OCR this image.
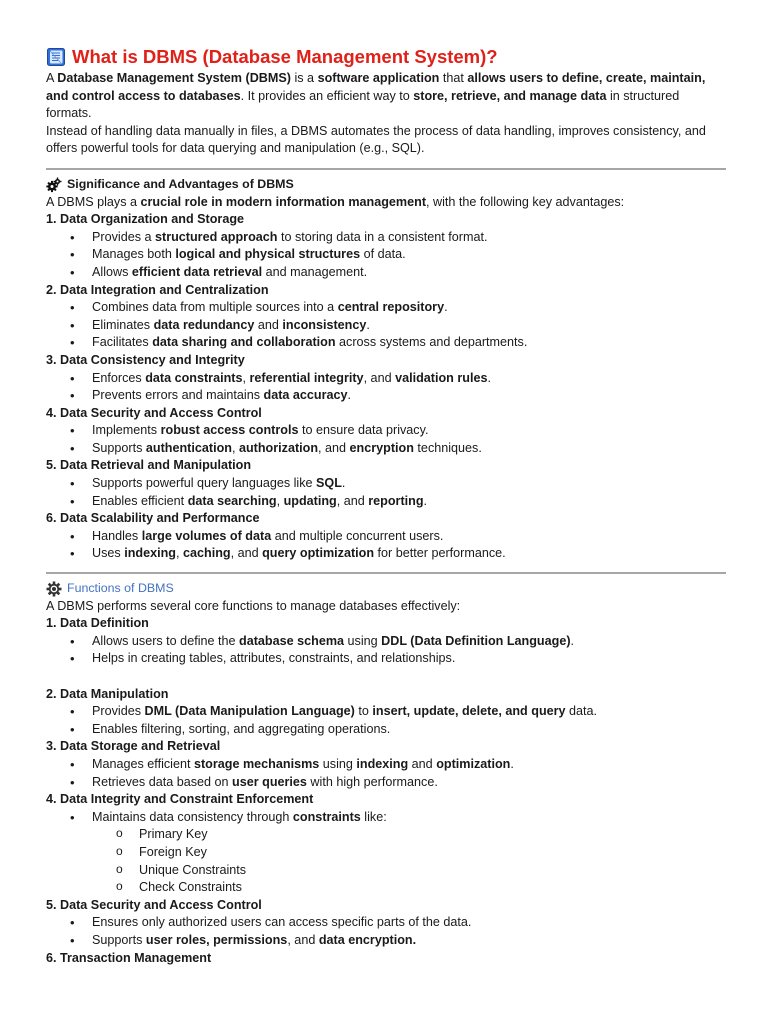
What is DBMS (Database Management System)?

A Database Management System (DBMS) is a software application that allows users to define, create, maintain, and control access to databases. It provides an efficient way to store, retrieve, and manage data in structured formats.

Instead of handling data manually in files, a DBMS automates the process of data handling, improves consistency, and offers powerful tools for data querying and manipulation (e.g., SQL).

Significance and Advantages of DBMS

A DBMS plays a crucial role in modern information management, with the following key advantages:

1. Data Organization and Storage
• Provides a structured approach to storing data in a consistent format.
• Manages both logical and physical structures of data.
• Allows efficient data retrieval and management.
2. Data Integration and Centralization
• Combines data from multiple sources into a central repository.
• Eliminates data redundancy and inconsistency.
• Facilitates data sharing and collaboration across systems and departments.
3. Data Consistency and Integrity
• Enforces data constraints, referential integrity, and validation rules.
• Prevents errors and maintains data accuracy.
4. Data Security and Access Control
• Implements robust access controls to ensure data privacy.
• Supports authentication, authorization, and encryption techniques.
5. Data Retrieval and Manipulation
• Supports powerful query languages like SQL.
• Enables efficient data searching, updating, and reporting.
6. Data Scalability and Performance
• Handles large volumes of data and multiple concurrent users.
• Uses indexing, caching, and query optimization for better performance.
Functions of DBMS

A DBMS performs several core functions to manage databases effectively:

1. Data Definition
• Allows users to define the database schema using DDL (Data Definition Language).
• Helps in creating tables, attributes, constraints, and relationships.
2. Data Manipulation
• Provides DML (Data Manipulation Language) to insert, update, delete, and query data.
• Enables filtering, sorting, and aggregating operations.
3. Data Storage and Retrieval
• Manages efficient storage mechanisms using indexing and optimization.
• Retrieves data based on user queries with high performance.
4. Data Integrity and Constraint Enforcement
• Maintains data consistency through constraints like:
o Primary Key
o Foreign Key
o Unique Constraints
o Check Constraints
5. Data Security and Access Control
• Ensures only authorized users can access specific parts of the data.
• Supports user roles, permissions, and data encryption.
6. Transaction Management
